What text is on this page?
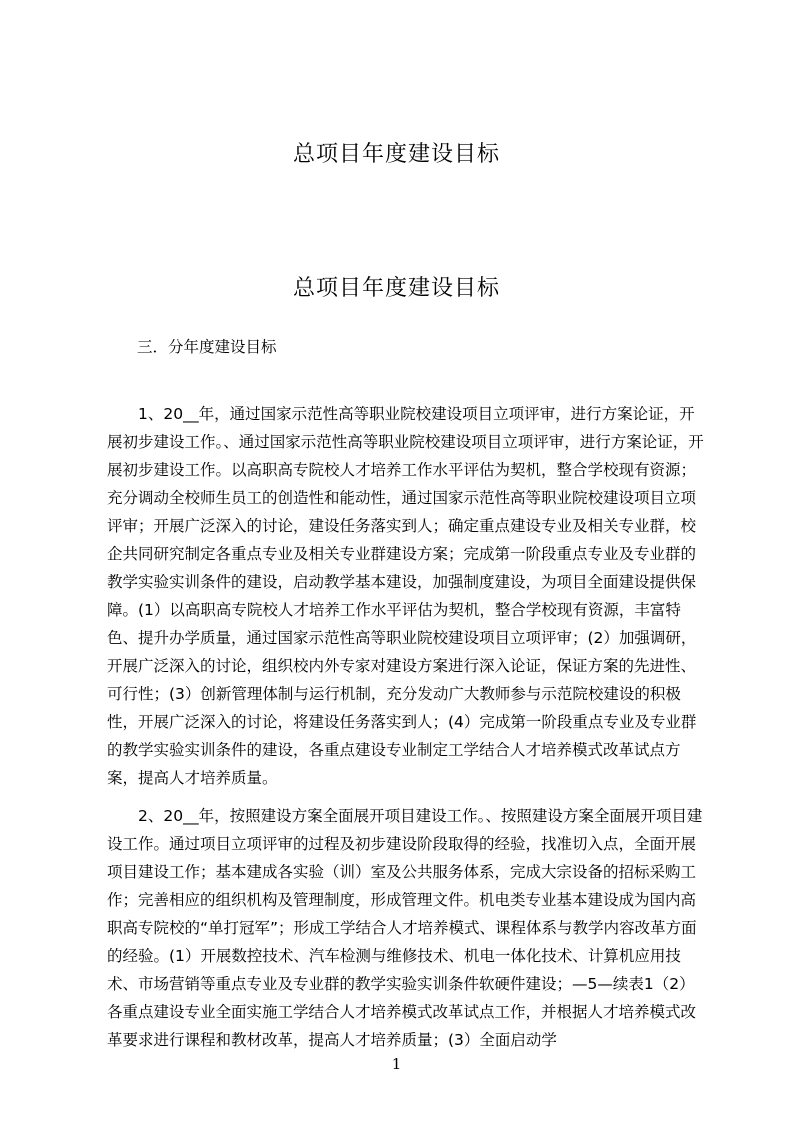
总项目年度建设目标
总项目年度建设目标
三．分年度建设目标

1、20__年，通过国家示范性高等职业院校建设项目立项评审，进行方案论证，开展初步建设工作。、通过国家示范性高等职业院校建设项目立项评审，进行方案论证，开展初步建设工作。以高职高专院校人才培养工作水平评估为契机，整合学校现有资源；充分调动全校师生员工的创造性和能动性，通过国家示范性高等职业院校建设项目立项评审；开展广泛深入的讨论，建设任务落实到人；确定重点建设专业及相关专业群，校企共同研究制定各重点专业及相关专业群建设方案；完成第一阶段重点专业及专业群的教学实验实训条件的建设，启动教学基本建设，加强制度建设，为项目全面建设提供保障。(1）以高职高专院校人才培养工作水平评估为契机，整合学校现有资源，丰富特色、提升办学质量，通过国家示范性高等职业院校建设项目立项评审；(2）加强调研，开展广泛深入的讨论，组织校内外专家对建设方案进行深入论证，保证方案的先进性、可行性；(3）创新管理体制与运行机制，充分发动广大教师参与示范院校建设的积极性，开展广泛深入的讨论，将建设任务落实到人；(4）完成第一阶段重点专业及专业群的教学实验实训条件的建设，各重点建设专业制定工学结合人才培养模式改革试点方案，提高人才培养质量。

2、20__年，按照建设方案全面展开项目建设工作。、按照建设方案全面展开项目建设工作。通过项目立项评审的过程及初步建设阶段取得的经验，找准切入点，全面开展项目建设工作；基本建成各实验（训）室及公共服务体系，完成大宗设备的招标采购工作；完善相应的组织机构及管理制度，形成管理文件。机电类专业基本建设成为国内高职高专院校的“单打冠军”；形成工学结合人才培养模式、课程体系与教学内容改革方面的经验。(1）开展数控技术、汽车检测与维修技术、机电一体化技术、计算机应用技术、市场营销等重点专业及专业群的教学实验实训条件软硬件建设；—5—续表1（2）各重点建设专业全面实施工学结合人才培养模式改革试点工作，并根据人才培养模式改革要求进行课程和教材改革，提高人才培养质量；(3）全面启动学

1
